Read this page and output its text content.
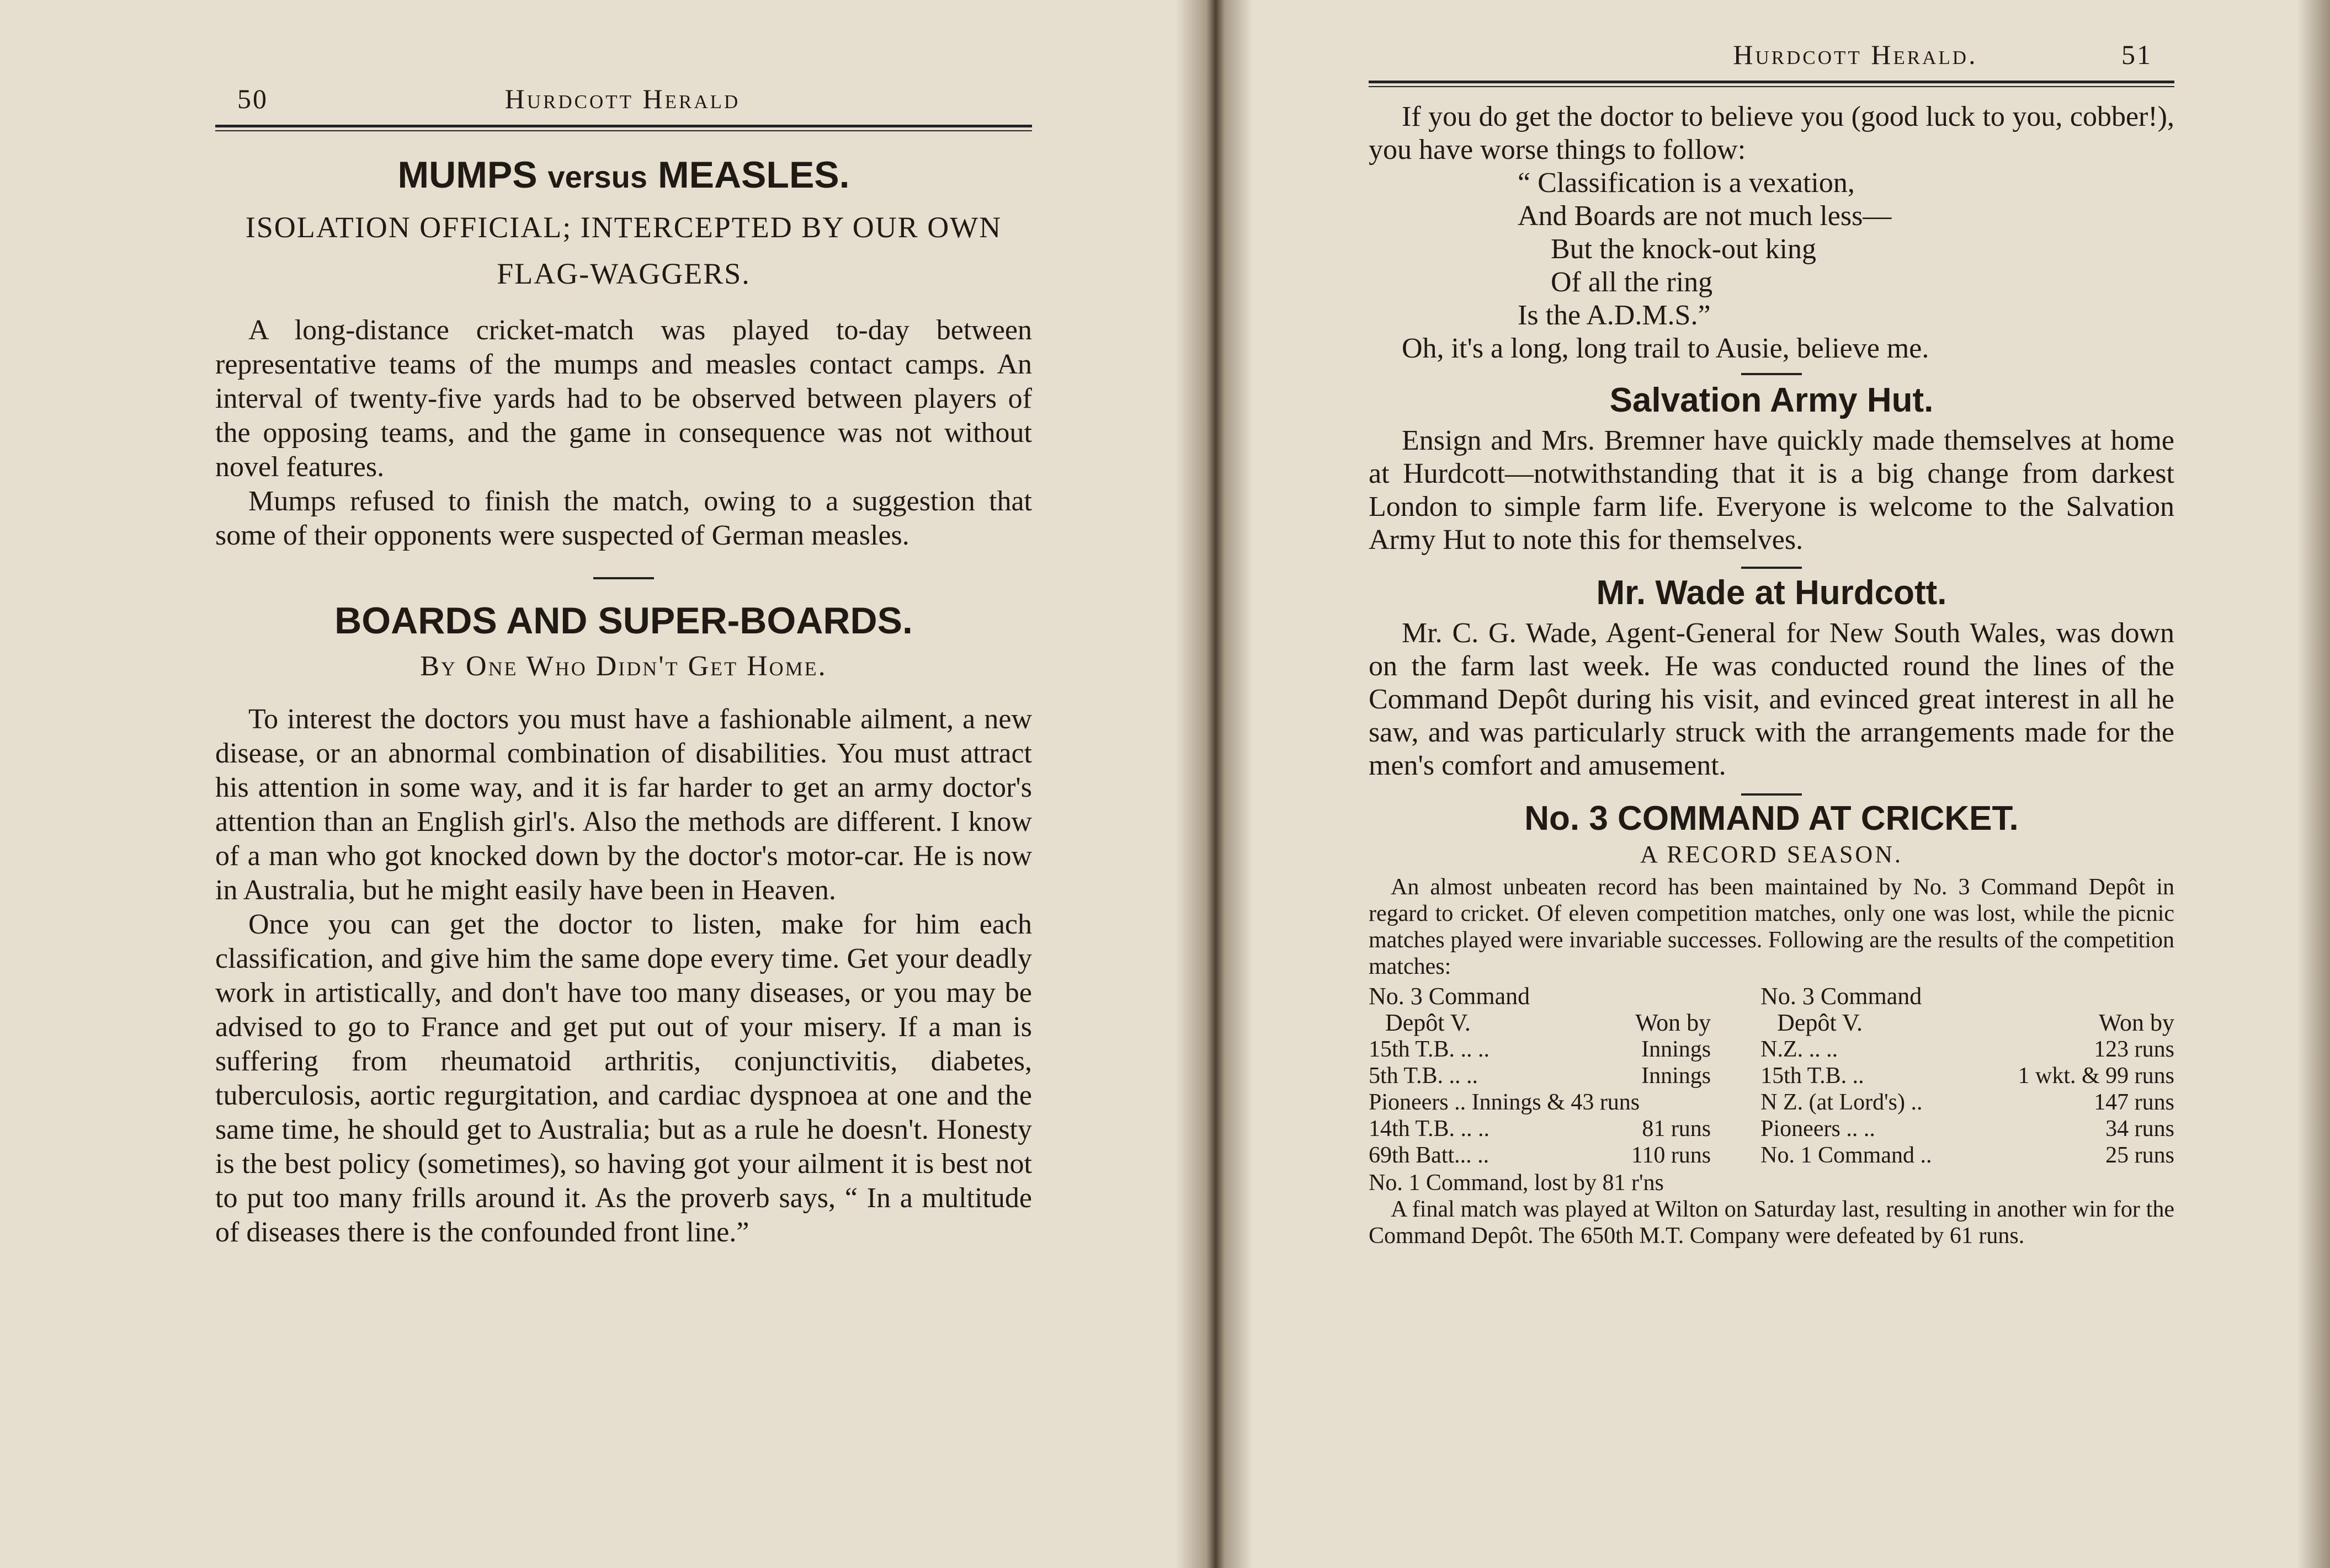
50	Hurdcott Herald
MUMPS versus MEASLES.
ISOLATION OFFICIAL; INTERCEPTED BY OUR OWN FLAG-WAGGERS.

A long-distance cricket-match was played to-day between representative teams of the mumps and measles contact camps. An interval of twenty-five yards had to be observed between players of the opposing teams, and the game in consequence was not without novel features.

Mumps refused to finish the match, owing to a suggestion that some of their opponents were suspected of German measles.

BOARDS AND SUPER-BOARDS.
By One Who Didn't Get Home.

To interest the doctors you must have a fashionable ailment, a new disease, or an abnormal combination of disabilities. You must attract his attention in some way, and it is far harder to get an army doctor's attention than an English girl's. Also the methods are different. I know of a man who got knocked down by the doctor's motor-car. He is now in Australia, but he might easily have been in Heaven.

Once you can get the doctor to listen, make for him each classification, and give him the same dope every time. Get your deadly work in artistically, and don't have too many diseases, or you may be advised to go to France and get put out of your misery. If a man is suffering from rheumatoid arthritis, conjunctivitis, diabetes, tuberculosis, aortic regurgitation, and cardiac dyspnoea at one and the same time, he should get to Australia; but as a rule he doesn't. Honesty is the best policy (sometimes), so having got your ailment it is best not to put too many frills around it. As the proverb says, “ In a multitude of diseases there is the confounded front line.”

Hurdcott Herald.	51

If you do get the doctor to believe you (good luck to you, cobber!), you have worse things to follow:

“ Classification is a vexation,
And Boards are not much less—
But the knock-out king
Of all the ring
Is the A.D.M.S.”

Oh, it's a long, long trail to Ausie, believe me.

Salvation Army Hut.

Ensign and Mrs. Bremner have quickly made themselves at home at Hurdcott—notwithstanding that it is a big change from darkest London to simple farm life. Everyone is welcome to the Salvation Army Hut to note this for themselves.

Mr. Wade at Hurdcott.

Mr. C. G. Wade, Agent-General for New South Wales, was down on the farm last week. He was conducted round the lines of the Command Depôt during his visit, and evinced great interest in all he saw, and was particularly struck with the arrangements made for the men's comfort and amusement.

No. 3 COMMAND AT CRICKET.
A RECORD SEASON.

An almost unbeaten record has been maintained by No. 3 Command Depôt in regard to cricket. Of eleven competition matches, only one was lost, while the picnic matches played were invariable successes. Following are the results of the competition matches:

No. 3 Command			No. 3 Command	
Depôt V.	Won by		Depôt V.	Won by
15th T.B. .. ..	Innings		N.Z. .. ..	123 runs
5th T.B. .. ..	Innings		15th T.B. ..	1 wkt. & 99 runs
Pioneers .. Innings & 43 runs			N Z. (at Lord's) ..	147 runs
14th T.B. .. ..	81 runs		Pioneers .. ..	34 runs
69th Batt... ..	110 runs		No. 1 Command ..	25 runs
No. 1 Command, lost by 81 r'ns

A final match was played at Wilton on Saturday last, resulting in another win for the Command Depôt. The 650th M.T. Company were defeated by 61 runs.
